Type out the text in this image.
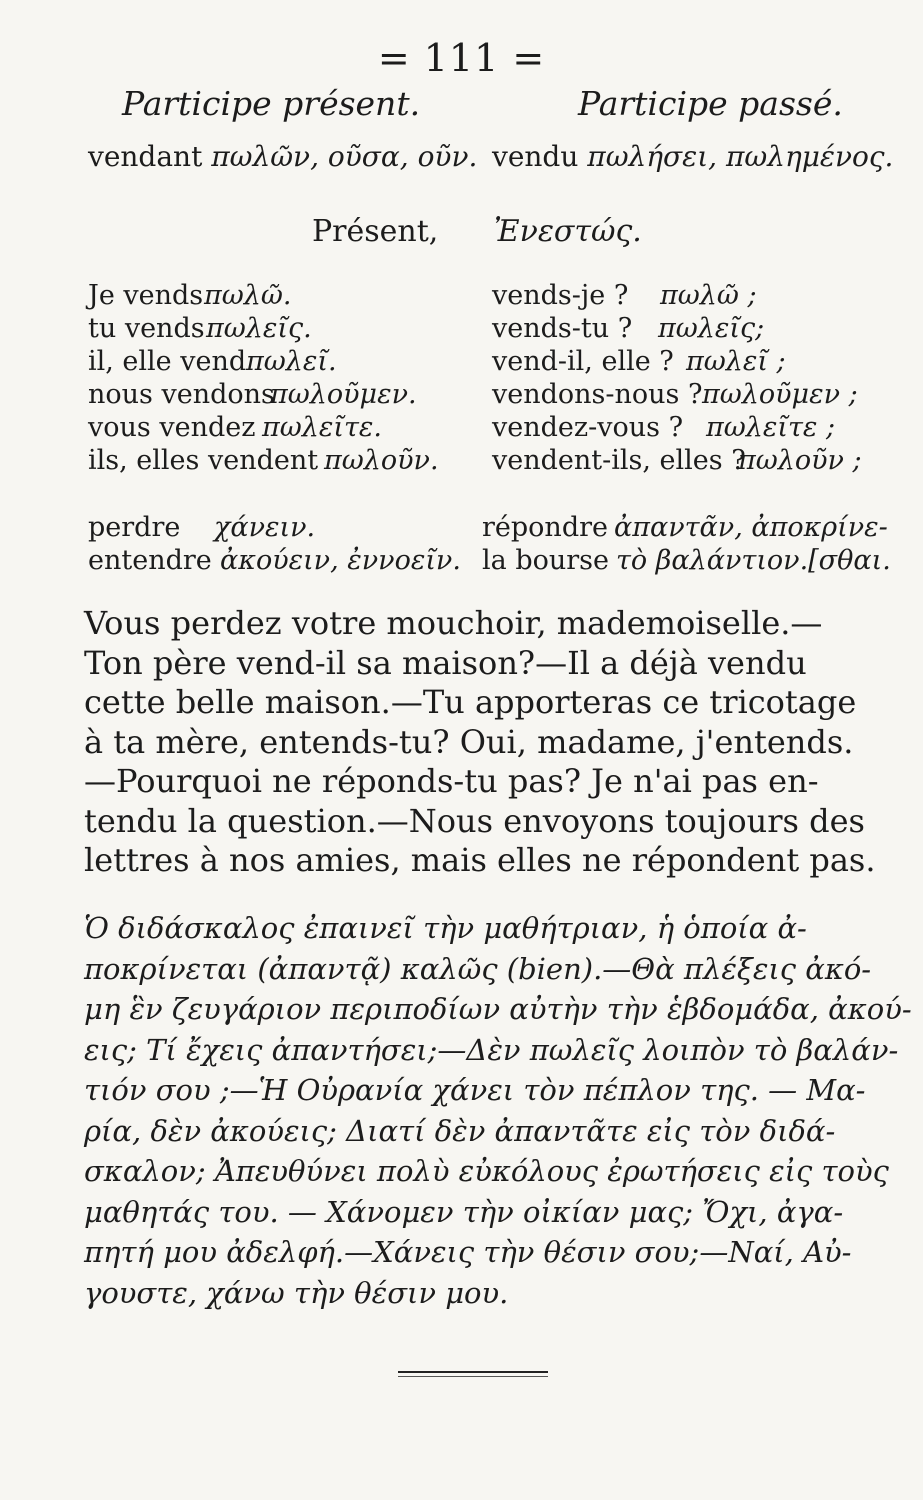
= 111 =
Participe présent.	Participe passé.
vendant πωλῶν, οῦσα, οῦν. vendu πωλήσει, πωλημένος.
Présent, Ἐνεστώς.
Je vends πωλῶ.
tu vends πωλεῖς.
il, elle vend πωλεῖ.
nous vendons
πωλοῦμεν.
vous vendez πωλεῖτε.
ils, elles vendent πωλοῦν.
vends-je ? πωλῶ ;
vends-tu ? πωλεῖς;
vend-il, elle ? πωλεῖ ;
vendons-nous ? πωλοῦμεν ;
vendez-vous ? πωλεῖτε ;
vendent-ils, elles ?
πωλοῦν ;
perdre χάνειν.
entendre ἀκούειν, ἐννοεῖν.
répondre ἀπαντᾶν, ἀποκρίνε-
la bourse τὸ βαλάντιον.[σθαι.

Vous perdez votre mouchoir, mademoiselle.—
Ton père vend-il sa maison?—Il a déjà vendu
cette belle maison.—Tu apporteras ce tricotage
à ta mère, entends-tu? Oui, madame, j'entends.
—Pourquoi ne réponds-tu pas? Je n'ai pas en-
tendu la question.—Nous envoyons toujours des
lettres à nos amies, mais elles ne répondent pas.

Ὁ διδάσκαλος ἐπαινεῖ τὴν μαθήτριαν, ἡ ὁποία ἀ-
ποκρίνεται (ἀπαντᾷ) καλῶς (bien).—Θὰ πλέξεις ἀκό-
μη ἓν ζευγάριον περιποδίων αὐτὴν τὴν ἑβδομάδα, ἀκού-
εις; Τί ἔχεις ἀπαντήσει;—Δὲν πωλεῖς λοιπὸν τὸ βαλάν-
τιόν σου ;—Ἡ Οὐρανία χάνει τὸν πέπλον της. — Μα-
ρία, δὲν ἀκούεις; Διατί δὲν ἀπαντᾶτε εἰς τὸν διδά-
σκαλον; Ἀπευθύνει πολὺ εὐκόλους ἐρωτήσεις εἰς τοὺς
μαθητάς του. — Χάνομεν τὴν οἰκίαν μας; Ὄχι, ἀγα-
πητή μου ἀδελφή.—Χάνεις τὴν θέσιν σου;—Ναί, Αὐ-
γουστε, χάνω τὴν θέσιν μου.
